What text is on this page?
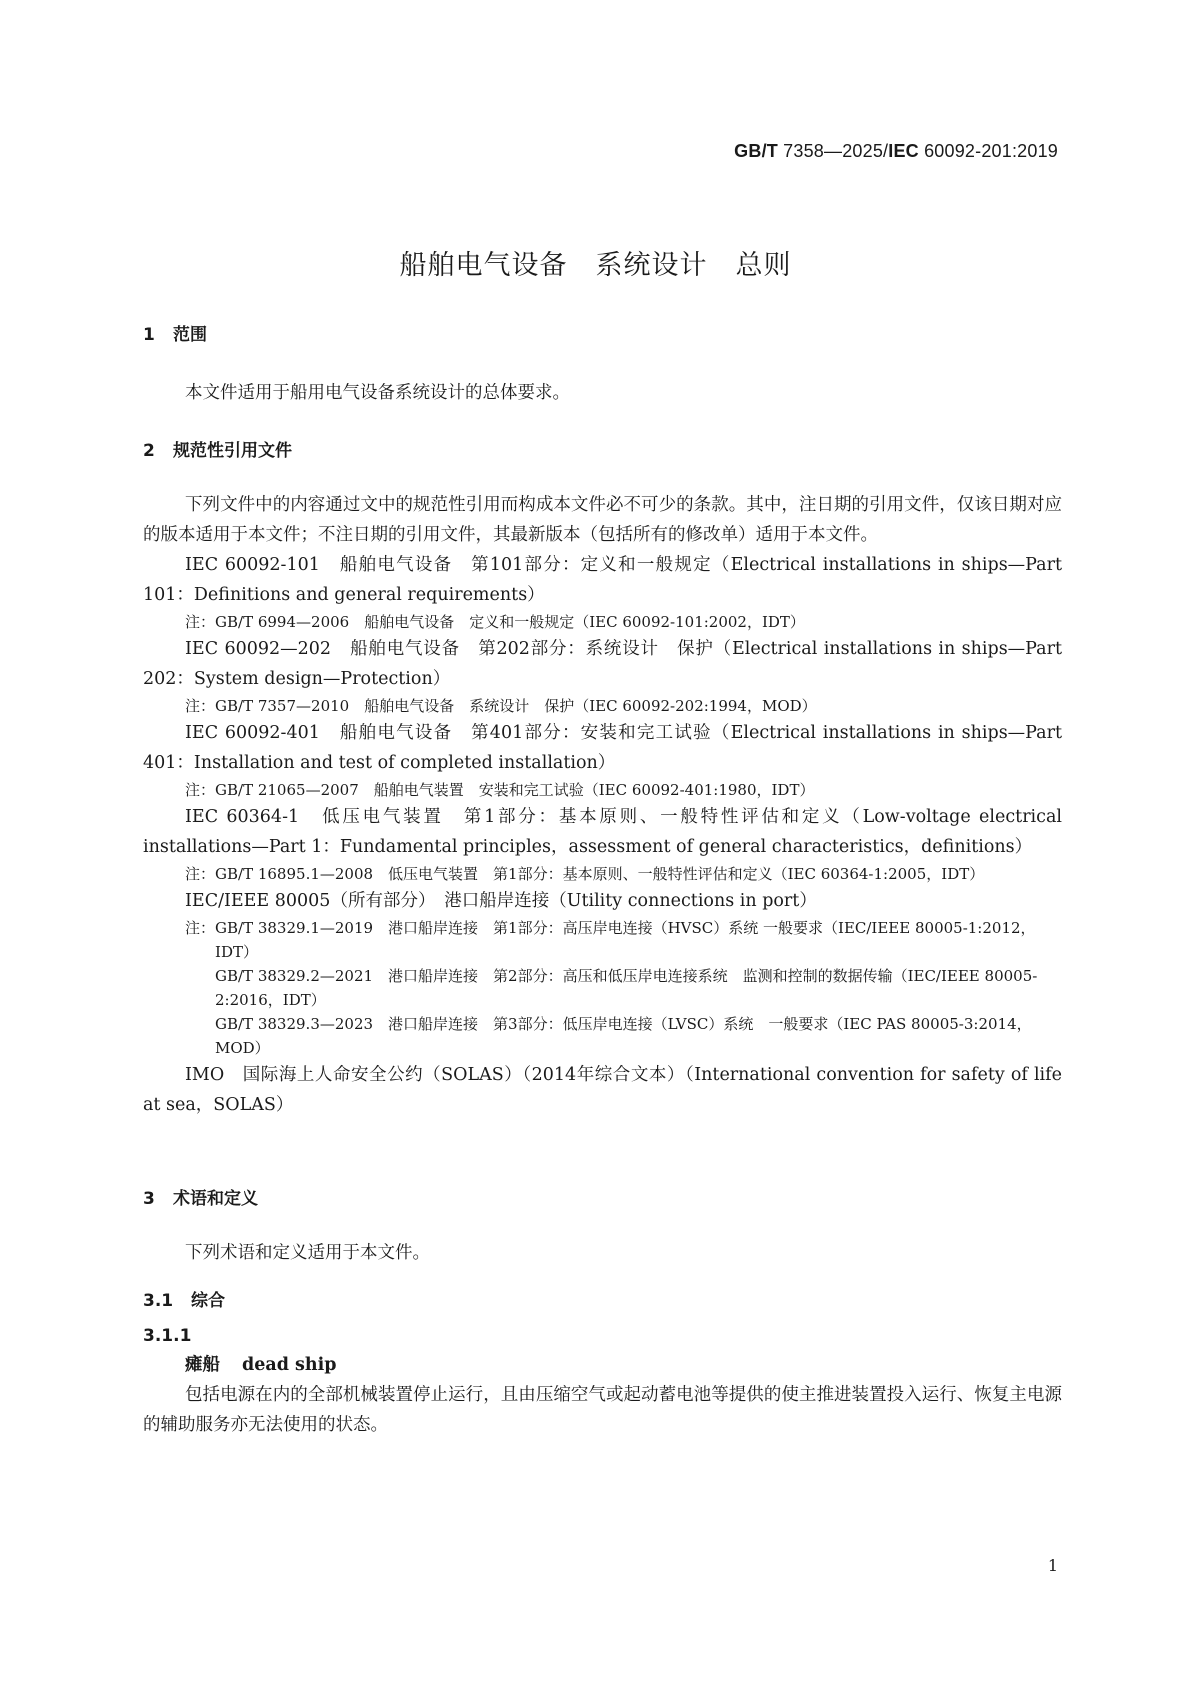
GB/T 7358—2025/IEC 60092-201:2019
船舶电气设备　系统设计　总则
1 范围

本文件适用于船用电气设备系统设计的总体要求。

2 规范性引用文件

下列文件中的内容通过文中的规范性引用而构成本文件必不可少的条款。其中，注日期的引用文件，仅该日期对应的版本适用于本文件；不注日期的引用文件，其最新版本（包括所有的修改单）适用于本文件。

IEC 60092-101　船舶电气设备　第101部分：定义和一般规定（Electrical installations in ships—Part 101：Definitions and general requirements）

注： GB/T 6994—2006　船舶电气设备　定义和一般规定（IEC 60092-101:2002，IDT）

IEC 60092—202　船舶电气设备　第202部分：系统设计　保护（Electrical installations in ships—Part 202：System design—Protection）

注： GB/T 7357—2010　船舶电气设备　系统设计　保护（IEC 60092-202:1994，MOD）

IEC 60092-401　船舶电气设备　第401部分：安装和完工试验（Electrical installations in ships—Part 401：Installation and test of completed installation）

注： GB/T 21065—2007　船舶电气装置　安装和完工试验（IEC 60092-401:1980，IDT）

IEC 60364-1　低压电气装置　第1部分：基本原则、一般特性评估和定义（Low-voltage electrical installations—Part 1：Fundamental principles，assessment of general characteristics，definitions）

注： GB/T 16895.1—2008　低压电气装置　第1部分：基本原则、一般特性评估和定义（IEC 60364-1:2005，IDT）

IEC/IEEE 80005（所有部分）　港口船岸连接（Utility connections in port）

注： GB/T 38329.1—2019　港口船岸连接　第1部分：高压岸电连接（HVSC）系统 一般要求（IEC/IEEE 80005-1:2012，IDT）
GB/T 38329.2—2021　港口船岸连接　第2部分：高压和低压岸电连接系统　监测和控制的数据传输（IEC/IEEE 80005-2:2016，IDT）
GB/T 38329.3—2023　港口船岸连接　第3部分：低压岸电连接（LVSC）系统　一般要求（IEC PAS 80005-3:2014，MOD）

IMO　国际海上人命安全公约（SOLAS）（2014年综合文本）（International convention for safety of life at sea，SOLAS）

3 术语和定义

下列术语和定义适用于本文件。

3.1 综合
3.1.1
瘫船 dead ship

包括电源在内的全部机械装置停止运行，且由压缩空气或起动蓄电池等提供的使主推进装置投入运行、恢复主电源的辅助服务亦无法使用的状态。

1
